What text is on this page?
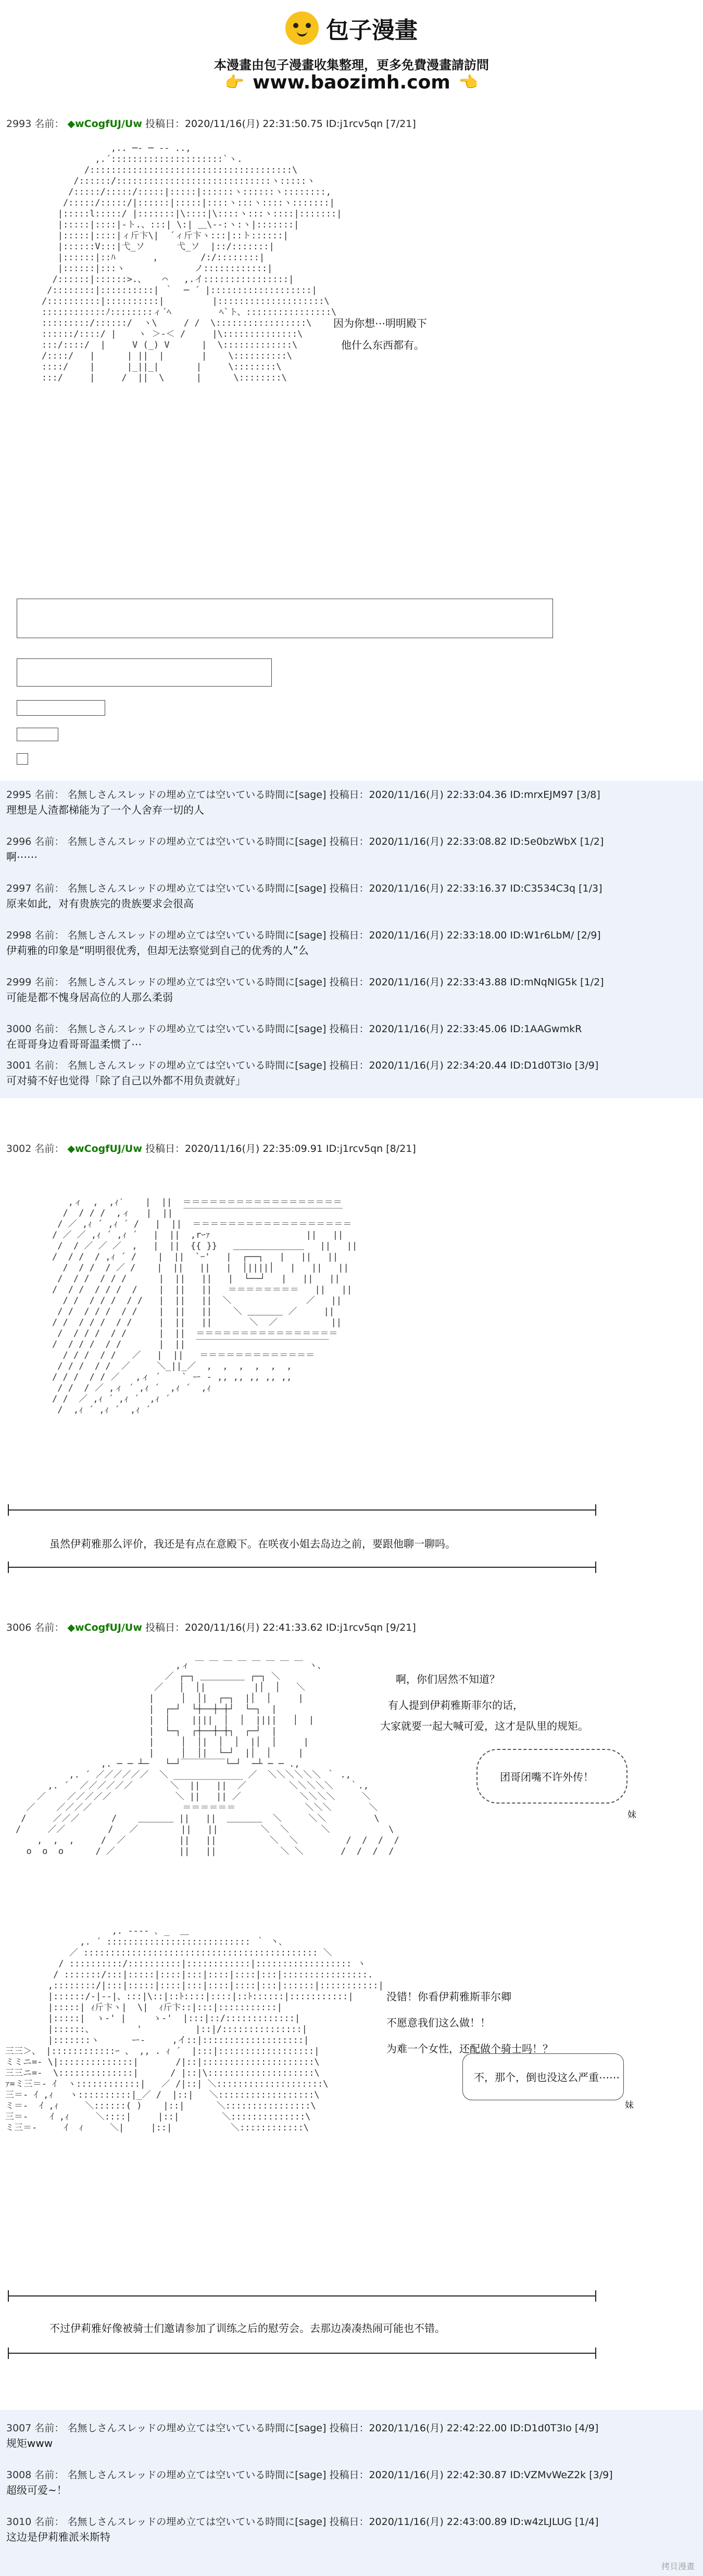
包子漫畫
本漫畫由包子漫畫收集整理，更多免費漫畫請訪問
👉 www.baozimh.com 👈
2993 名前： ◆wCogfUJ/Uw 投稿日：2020/11/16(月) 22:31:50.75 ID:j1rcv5qn [7/21]
,.. ─‐ ─ ‐- ..,
,.´:::::::::::::::::::::`ヽ.
/::::::::::::::::::::::::::::::::::::::\
/::::::/:::::::::::::::::::::::::::::ヽ:::::ヽ
/:::::/:::::/:::::|:::::|::::::ヽ::::::ヽ::::::::,
/:::::/:::::/|::::::|:::::|::::ヽ:::ヽ::::ヽ:::::::|
|:::::l:::::/ |:::::::|\::::|\::::ヽ:::ヽ::::|:::::::|
|:::::|::::|‐ト.、:::| \:| ＿\-‐:ヽ:ヽ|:::::::|
|:::::|::::|ィ斤卞\|  ´ィ斤卞ヽ:::|::ト::::::|
|::::::V:::|弋_ソ      弋_ソ  |::/:::::::|
|::::::|::ﾊ       ,        /:/::::::::|
|::::::|:::ヽ             ノ::::::::::::|
/::::::|::::::>.、   ⌒   ,.イ::::::::::::::::|
/::::::::|::::::::::| ｀  ─ ´ |:::::::::::::::::::|
/::::::::::|::::::::::|         |::::::::::::::::::::\
::::::::::::ﾉ::::::::ィ´ﾍ         ﾍ`ト、::::::::::::::::\
:::::::::/::::::/  ヽ\     / /  \:::::::::::::::::\
::::::/::::/ |    ヽ ＞‐＜ /     |\::::::::::::::\
:::/::::/  |     V (_) V      |  \:::::::::::::\
/::::/   |      | ||  |       |    \::::::::::\
::::/    |      |_||_|       |     \::::::::\
:::/     |     /  ||  \      |      \::::::::\
因为你想⋯明明殿下
他什么东西都有。
2995 名前： 名無しさんスレッドの埋め立ては空いている時間に[sage] 投稿日：2020/11/16(月) 22:33:04.36 ID:mrxEJM97 [3/8]
理想是人渣都梯能为了一个人舍弃一切的人
2996 名前： 名無しさんスレッドの埋め立ては空いている時間に[sage] 投稿日：2020/11/16(月) 22:33:08.82 ID:5e0bzWbX [1/2]
啊⋯⋯
2997 名前： 名無しさんスレッドの埋め立ては空いている時間に[sage] 投稿日：2020/11/16(月) 22:33:16.37 ID:C3534C3q [1/3]
原来如此，对有贵族完的贵族要求会很高
2998 名前： 名無しさんスレッドの埋め立ては空いている時間に[sage] 投稿日：2020/11/16(月) 22:33:18.00 ID:W1r6LbM/ [2/9]
伊莉雅的印象是“明明很优秀，但却无法察觉到自己的优秀的人”么
2999 名前： 名無しさんスレッドの埋め立ては空いている時間に[sage] 投稿日：2020/11/16(月) 22:33:43.88 ID:mNqNlG5k [1/2]
可能是都不愧身居高位的人那么柔弱
3000 名前： 名無しさんスレッドの埋め立ては空いている時間に[sage] 投稿日：2020/11/16(月) 22:33:45.06 ID:1AAGwmkR
在哥哥身边看哥哥温柔惯了⋯
3001 名前： 名無しさんスレッドの埋め立ては空いている時間に[sage] 投稿日：2020/11/16(月) 22:34:20.44 ID:D1d0T3Io [3/9]
可对骑不好也觉得「除了自己以外都不用负责就好」
3002 名前： ◆wCogfUJ/Uw 投稿日：2020/11/16(月) 22:35:09.91 ID:j1rcv5qn [8/21]
,ィ  ,  ,ｨ′    |  ||  ＝＝＝＝＝＝＝＝＝＝＝＝＝＝＝＝＝＝
/  / / /  ,ィ   |  ||  ￣￣￣￣￣￣￣￣￣￣￣￣￣￣￣￣￣￣
/ ／ ,ｨ ´ ,ｨ ´ /   |  ||  ＝＝＝＝＝＝＝＝＝＝＝＝＝＝＝＝＝＝
/ ／ ／ ,ｨ ´ ,ｨ ´   |  ||  ,rｰｧ                  ||   ||
/  / ／ ／ ／  ,   |  ||  {{ }}   ＿＿＿＿＿＿＿＿   ||   ||
/  / /  / ,ｨ ´ /    |  ||  `ｰ'   |  ┌──┐   |   ||   ||
/  / /  / ／ /    |  ||   ||   |  │||||│   |   ||   ||
/  / /  / / /      |  ||   ||   |  └──┘   |   ||   ||
/  / /  / / /  /    |  ||   ||   ＝＝＝＝＝＝＝＝   ||   ||
/ /  / / /  / /   |  ||   ||  ＼              ／   ||
/ /  / / /  / /    |  ||   ||    ＼ ＿＿＿＿ ／     ||
/ /  / / /  / /     |  ||   ||       ＼  ／          ||
/  / / /  / /      |  ||  ＝＝＝＝＝＝＝＝＝＝＝＝＝＝＝＝
/  / / /  / /       |  ||  ￣￣￣￣￣￣￣￣￣￣￣￣￣￣￣
/ / /  / /   ／   |  ||   ＝＝＝＝＝＝＝＝＝＝＝＝＝
/ / /  / /  ／     ＼_||_／  ,  ,  ,  ,  ,  ,
/ / /  / / ／   ,ィ ´    ` ー - ,, ,, ,, ,, ,,
/ /  / ／ ,ィ ´ ,ｨ ´  ,ｨ ´  ,ｨ
/ /  ／ ,ｨ ´ ,ｨ ´  ,ｨ ´
/  ,ｨ ´ ,ｨ ´  ,ｨ ´
虽然伊莉雅那么评价，我还是有点在意殿下。在咲夜小姐去岛边之前，要跟他聊一聊吗。
3006 名前： ◆wCogfUJ/Uw 投稿日：2020/11/16(月) 22:41:33.62 ID:j1rcv5qn [9/21]
,ィ ￣ ￣ ￣ ￣ ￣ ￣ ￣ ￣ ヽ、
／ ┌─┐ ＿＿＿＿＿ ┌─┐ ＼
／   │  │|         |│  │   ＼
|     │  │|  ┌─┐  |│  │     |
|  ┌─┘  └┼──┼─┼┘  └─┐  |
|  │    ||||  │  │  ||||   │  |
|  └─┐  ┌┼──┼─┼┐  ┌─┘  |
|     │  │|  │  │  |│  │     |
|     │  │|  └─┘  |│  │     |
,. ─ ─ ┴─   └─┘￣￣￣￣￣└─┘  ─┴ ─ ─ .,
,. ´ ／／／／／／  ＼ _____________ ／  ＼＼＼＼＼＼ ｀ .,
,. ´  ／／／／／／       ＼  ||   ||  ／        ＼＼＼＼＼   ｀.,
／    ／／／／／            ＼ ||   || ／           ＼＼＼＼     ＼
／    ／／／／                 ＝＝＝＝＝＝             ＼＼＼       ＼
/     ／／／      /    ＿＿＿＿ ||   ||  ＿＿＿＿  ＼     ＼＼         \
/     ／／        /   ／        ||   ||        ＼  ＼      ＼           \
,  ,  ,     /  ／          ||   ||          ＼  ＼         /  /  /  /
o  o  o      / ／            ||   ||            ＼ ＼       /  /  /  /
啊，你们居然不知道？
有人提到伊莉雅斯菲尔的话，
大家就要一起大喊可爱，这才是队里的规矩。
团哥闭嘴不许外传！
妹
,. --‐‐ ､ _  ＿
,. ´ ::::::::::::::::::::::::::: ｀ 丶､
／ :::::::::::::::::::::::::::::::::::::::::::: ＼
/ ::::::::::/::::::::::|::::::::::::|:::::::::::::::::: ヽ
/ :::::::/:::|:::::|::::|:::|::::|::::|:::|::::::::::::::::.
,::::::::/|:::|:::::|::::|:::|::::|::::|:::|::::::|:::::::::::|
|::::::/‐|‐-|、:::|\::|::ﾄ::::|::::|::ﾄ::::::|:::::::::::|
|:::::| ｨ斤卞ヽ|  \|  ｨ斤卞::|:::|:::::::::::|
|:::::|  ゝ-' |     ゝ-'  |:::|::/:::::::::::::|
|::::::、        '          |::|/:::::::::::::::|
|:::::::ヽ      ー‐     ,イ::|:::::::::::::::::::|
三三＞、 |::::::::::::ｰ 、 ,, . ｨ ´  |:::|::::::::::::::::::|
ミミニ=‐ \|::::::::::::::|       /|::|:::::::::::::::::::::\
三三ニ=-  \::::::::::::::|      / |::|\::::::::::::::::::::\
ｧ=ミ三＝- ｲ  ヽ::::::::::::|   ／ /|::| ＼::::::::::::::::::::\
三＝- ｲ ,ｨ   ヽ::::::::::|_／ /  |::|   ＼::::::::::::::::::\
ミ＝-  ｲ ,ｨ     ＼::::::( )    |::|      ＼::::::::::::::::\
三＝-    ｲ ,ｨ     ＼::::|     |::|        ＼::::::::::::::\
ミ三＝-     ｲ  ｨ     ＼|     |::|           ＼::::::::::::\
没错！你看伊莉雅斯菲尔卿
不愿意我们这么做！！
为难一个女性，还配做个骑士吗！？
不，那个，倒也没这么严重⋯⋯
妹
不过伊莉雅好像被骑士们邀请参加了训练之后的慰劳会。去那边凑凑热闹可能也不错。
3007 名前： 名無しさんスレッドの埋め立ては空いている時間に[sage] 投稿日：2020/11/16(月) 22:42:22.00 ID:D1d0T3Io [4/9]
规矩www
3008 名前： 名無しさんスレッドの埋め立ては空いている時間に[sage] 投稿日：2020/11/16(月) 22:42:30.87 ID:VZMvWeZ2k [3/9]
超级可爱~！
3010 名前： 名無しさんスレッドの埋め立ては空いている時間に[sage] 投稿日：2020/11/16(月) 22:43:00.89 ID:w4zLJLUG [1/4]
这边是伊莉雅派米斯特
拷貝漫畫
